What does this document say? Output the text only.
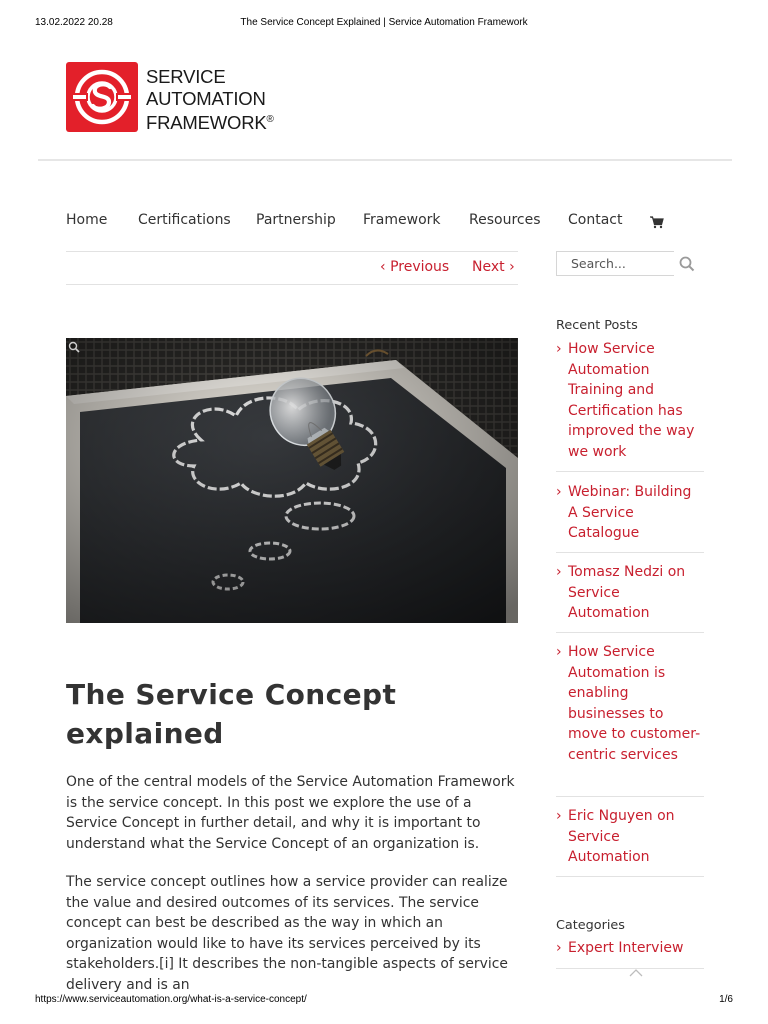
13.02.2022 20.28	The Service Concept Explained | Service Automation Framework
SERVICE
AUTOMATION
FRAMEWORK®
Home Certifications Partnership Framework Resources Contact
‹ Previous Next ›
Search...
The Service Concept explained

One of the central models of the Service Automation Framework is the service concept. In this post we explore the use of a Service Concept in further detail, and why it is important to understand what the Service Concept of an organization is.

The service concept outlines how a service provider can realize the value and desired outcomes of its services. The service concept can best be described as the way in which an organization would like to have its services perceived by its stakeholders.[i] It describes the non-tangible aspects of service delivery and is an

Recent Posts
› How Service Automation Training and Certification has improved the way we work
› Webinar: Building A Service Catalogue
› Tomasz Nedzi on Service Automation
› How Service Automation is enabling businesses to move to customer-centric services
› Eric Nguyen on Service Automation
Categories
› Expert Interview
https://www.serviceautomation.org/what-is-a-service-concept/	1/6
